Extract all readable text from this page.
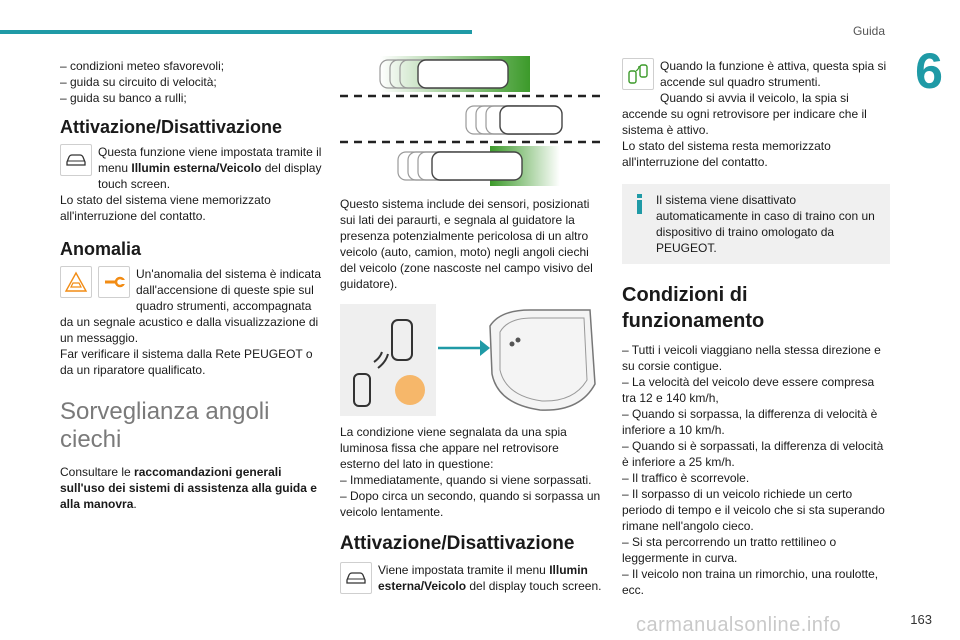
Guida
6

– condizioni meteo sfavorevoli;

– guida su circuito di velocità;

– guida su banco a rulli;

Attivazione/Disattivazione

Questa funzione viene impostata tramite il menu Illumin esterna/Veicolo del display touch screen.

Lo stato del sistema viene memorizzato all'interruzione del contatto.

Anomalia

Un'anomalia del sistema è indicata dall'accensione di queste spie sul quadro strumenti, accompagnata da un segnale acustico e dalla visualizzazione di un messaggio.

Far verificare il sistema dalla Rete PEUGEOT o da un riparatore qualificato.

Sorveglianza angoli ciechi

Consultare le raccomandazioni generali sull'uso dei sistemi di assistenza alla guida e alla manovra.

Questo sistema include dei sensori, posizionati sui lati dei paraurti, e segnala al guidatore la presenza potenzialmente pericolosa di un altro veicolo (auto, camion, moto) negli angoli ciechi del veicolo (zone nascoste nel campo visivo del guidatore).

La condizione viene segnalata da una spia luminosa fissa che appare nel retrovisore esterno del lato in questione:

– Immediatamente, quando si viene sorpassati.

– Dopo circa un secondo, quando si sorpassa un veicolo lentamente.

Attivazione/Disattivazione

Viene impostata tramite il menu Illumin esterna/Veicolo del display touch screen.

Quando la funzione è attiva, questa spia si accende sul quadro strumenti.

Quando si avvia il veicolo, la spia si accende su ogni retrovisore per indicare che il sistema è attivo.

Lo stato del sistema resta memorizzato all'interruzione del contatto.

Il sistema viene disattivato automaticamente in caso di traino con un dispositivo di traino omologato da PEUGEOT.
Condizioni di funzionamento

– Tutti i veicoli viaggiano nella stessa direzione e su corsie contigue.

– La velocità del veicolo deve essere compresa tra 12 e 140 km/h,

– Quando si sorpassa, la differenza di velocità è inferiore a 10 km/h.

– Quando si è sorpassati, la differenza di velocità è inferiore a 25 km/h.

– Il traffico è scorrevole.

– Il sorpasso di un veicolo richiede un certo periodo di tempo e il veicolo che si sta superando rimane nell'angolo cieco.

– Si sta percorrendo un tratto rettilineo o leggermente in curva.

– Il veicolo non traina un rimorchio, una roulotte, ecc.

carmanualsonline.info	163
